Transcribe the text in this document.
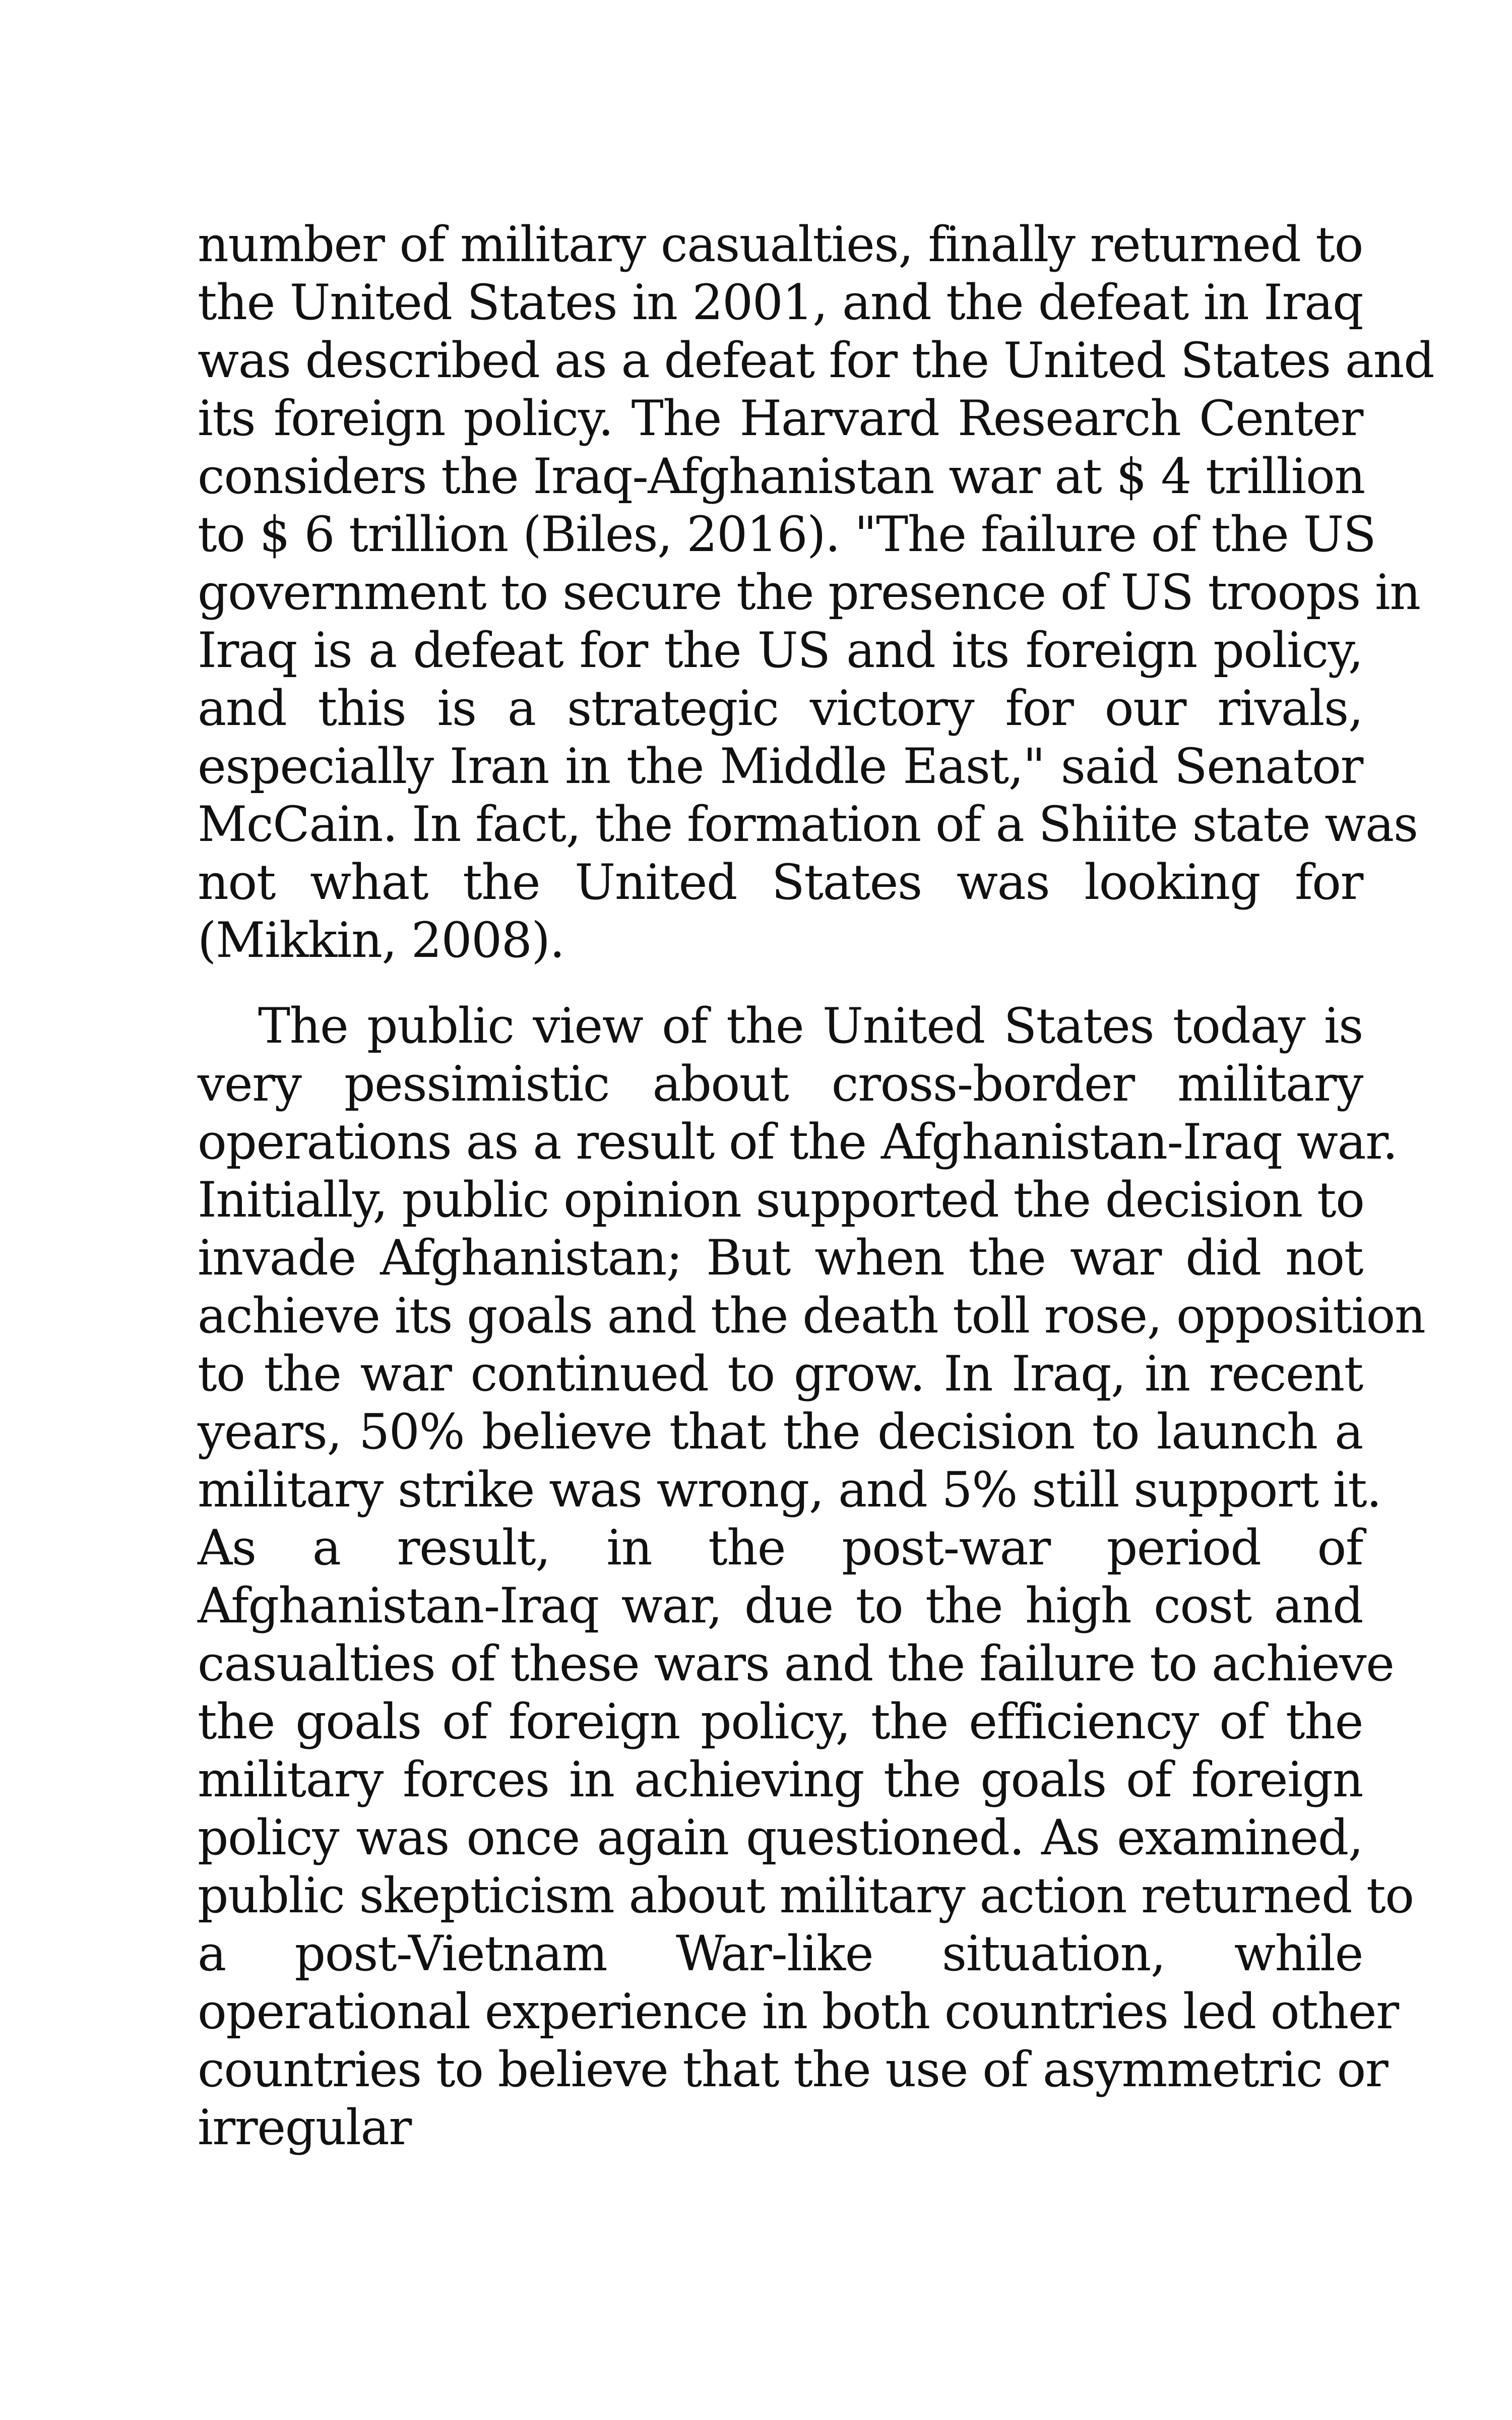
number of military casualties, finally returned to
the United States in 2001, and the defeat in Iraq
was described as a defeat for the United States and
its foreign policy. The Harvard Research Center
considers the Iraq-Afghanistan war at $ 4 trillion
to $ 6 trillion (Biles, 2016). "The failure of the US
government to secure the presence of US troops in
Iraq is a defeat for the US and its foreign policy,
and this is a strategic victory for our rivals,
especially Iran in the Middle East," said Senator
McCain. In fact, the formation of a Shiite state was
not what the United States was looking for
(Mikkin, 2008).
The public view of the United States today is
very pessimistic about cross-border military
operations as a result of the Afghanistan-Iraq war.
Initially, public opinion supported the decision to
invade Afghanistan; But when the war did not
achieve its goals and the death toll rose, opposition
to the war continued to grow. In Iraq, in recent
years, 50% believe that the decision to launch a
military strike was wrong, and 5% still support it.
As a result, in the post-war period of
Afghanistan-Iraq war, due to the high cost and
casualties of these wars and the failure to achieve
the goals of foreign policy, the efficiency of the
military forces in achieving the goals of foreign
policy was once again questioned. As examined,
public skepticism about military action returned to
a post-Vietnam War-like situation, while
operational experience in both countries led other
countries to believe that the use of asymmetric or
irregular
